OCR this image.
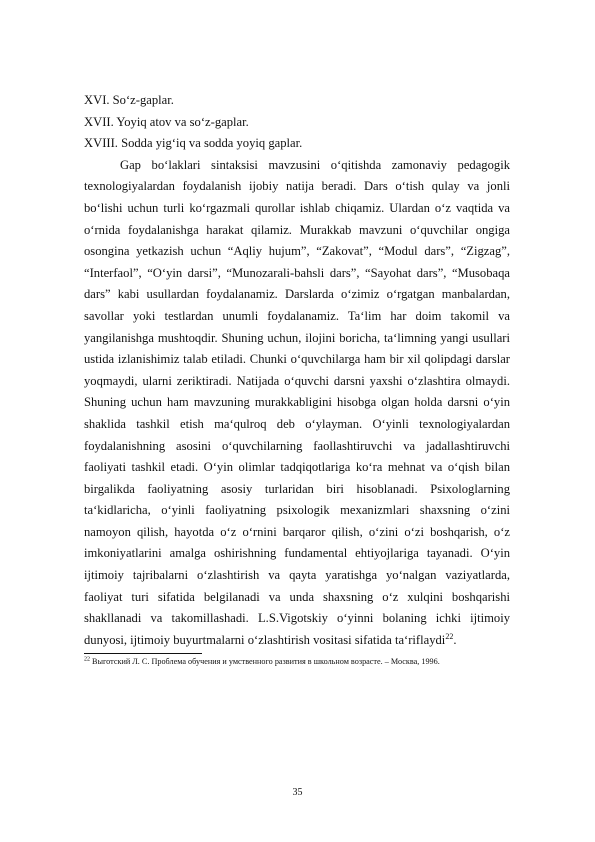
XVI. So‘z-gaplar.

XVII. Yoyiq atov va so‘z-gaplar.

XVIII. Sodda yig‘iq va sodda yoyiq gaplar.

Gap bo‘laklari sintaksisi mavzusini o‘qitishda zamonaviy pedagogik texnologiyalardan foydalanish ijobiy natija beradi. Dars o‘tish qulay va jonli bo‘lishi uchun turli ko‘rgazmali qurollar ishlab chiqamiz. Ulardan o‘z vaqtida va o‘rnida foydalanishga harakat qilamiz. Murakkab mavzuni o‘quvchilar ongiga osongina yetkazish uchun “Aqliy hujum”, “Zakovat”, “Modul dars”, “Zigzag”, “Interfaol”, “O‘yin darsi”, “Munozarali-bahsli dars”, “Sayohat dars”, “Musobaqa dars” kabi usullardan foydalanamiz. Darslarda o‘zimiz o‘rgatgan manbalardan, savollar yoki testlardan unumli foydalanamiz. Ta‘lim har doim takomil va yangilanishga mushtoqdir. Shuning uchun, ilojini boricha, ta‘limning yangi usullari ustida izlanishimiz talab etiladi. Chunki o‘quvchilarga ham bir xil qolipdagi darslar yoqmaydi, ularni zeriktiradi. Natijada o‘quvchi darsni yaxshi o‘zlashtira olmaydi. Shuning uchun ham mavzuning murakkabligini hisobga olgan holda darsni o‘yin shaklida tashkil etish ma‘qulroq deb o‘ylayman. O‘yinli texnologiyalardan foydalanishning asosini o‘quvchilarning faollashtiruvchi va jadallashtiruvchi faoliyati tashkil etadi. O‘yin olimlar tadqiqotlariga ko‘ra mehnat va o‘qish bilan birgalikda faoliyatning asosiy turlaridan biri hisoblanadi. Psixologlarning ta‘kidlaricha, o‘yinli faoliyatning psixologik mexanizmlari shaxsning o‘zini namoyon qilish, hayotda o‘z o‘rnini barqaror qilish, o‘zini o‘zi boshqarish, o‘z imkoniyatlarini amalga oshirishning fundamental ehtiyojlariga tayanadi. O‘yin ijtimoiy tajribalarni o‘zlashtirish va qayta yaratishga yo‘nalgan vaziyatlarda, faoliyat turi sifatida belgilanadi va unda shaxsning o‘z xulqini boshqarishi shakllanadi va takomillashadi. L.S.Vigotskiy o‘yinni bolaning ichki ijtimoiy dunyosi, ijtimoiy buyurtmalarni o‘zlashtirish vositasi sifatida ta‘riflaydi$^{22}$.

$^{22}$ Выготский Л. С. Проблема обучения и умственного развития в школьном возрасте. – Москва, 1996.

35
